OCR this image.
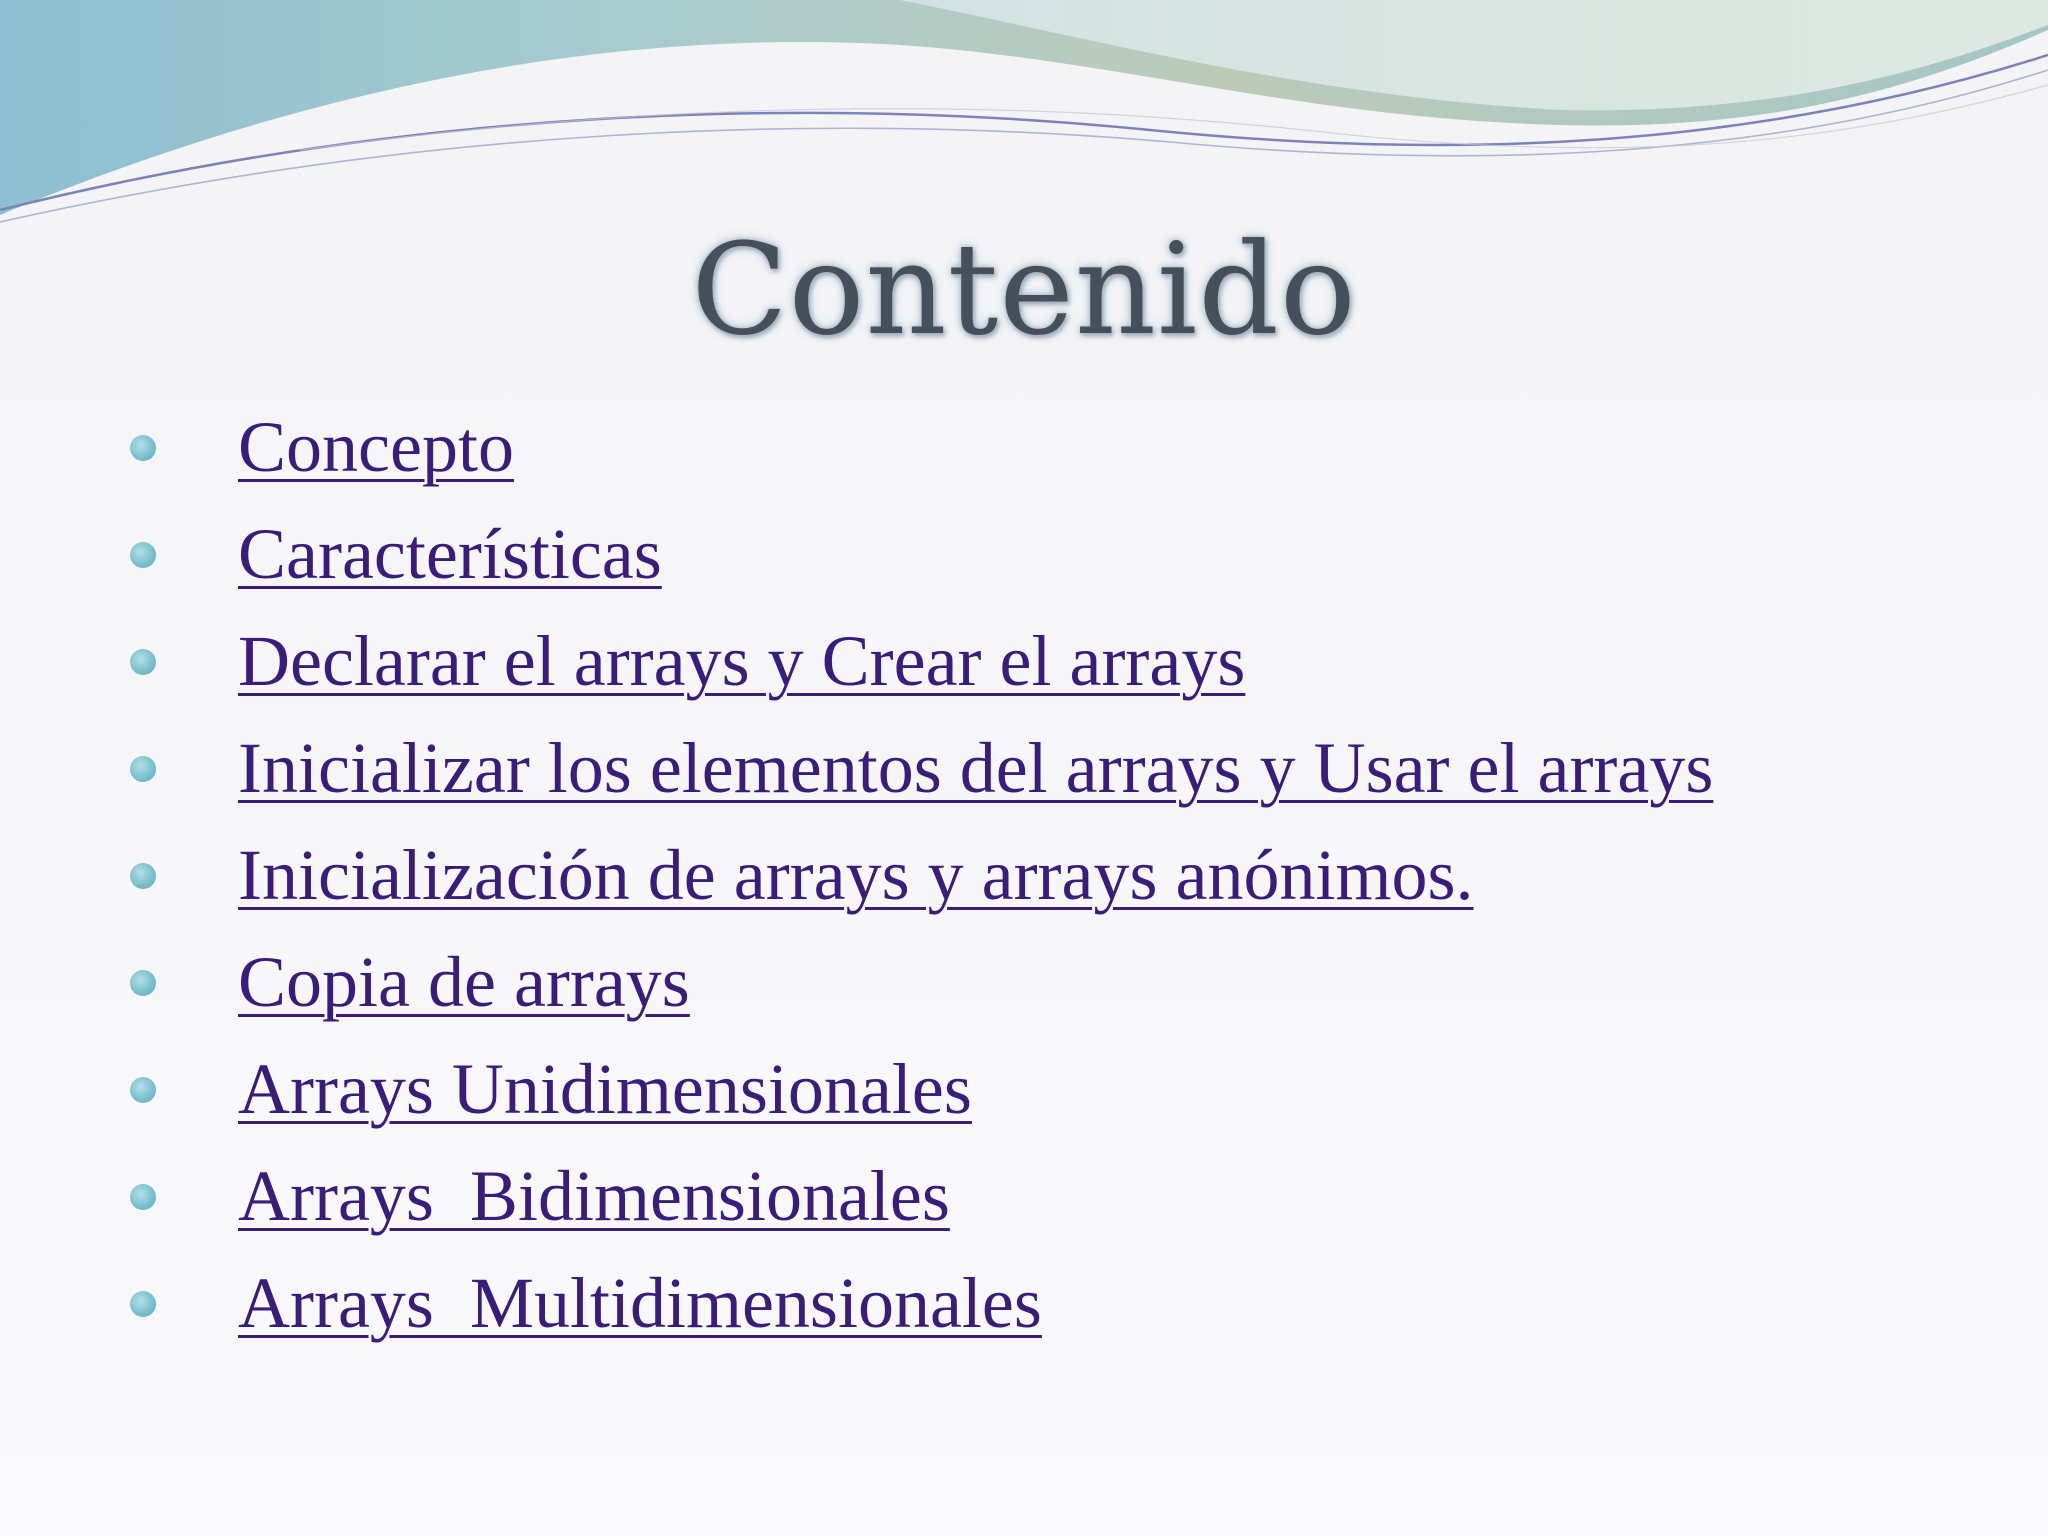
Contenido
Concepto
Características
Declarar el arrays y Crear el arrays
Inicializar los elementos del arrays y Usar el arrays
Inicialización de arrays y arrays anónimos.
Copia de arrays
Arrays Unidimensionales
Arrays  Bidimensionales
Arrays  Multidimensionales
